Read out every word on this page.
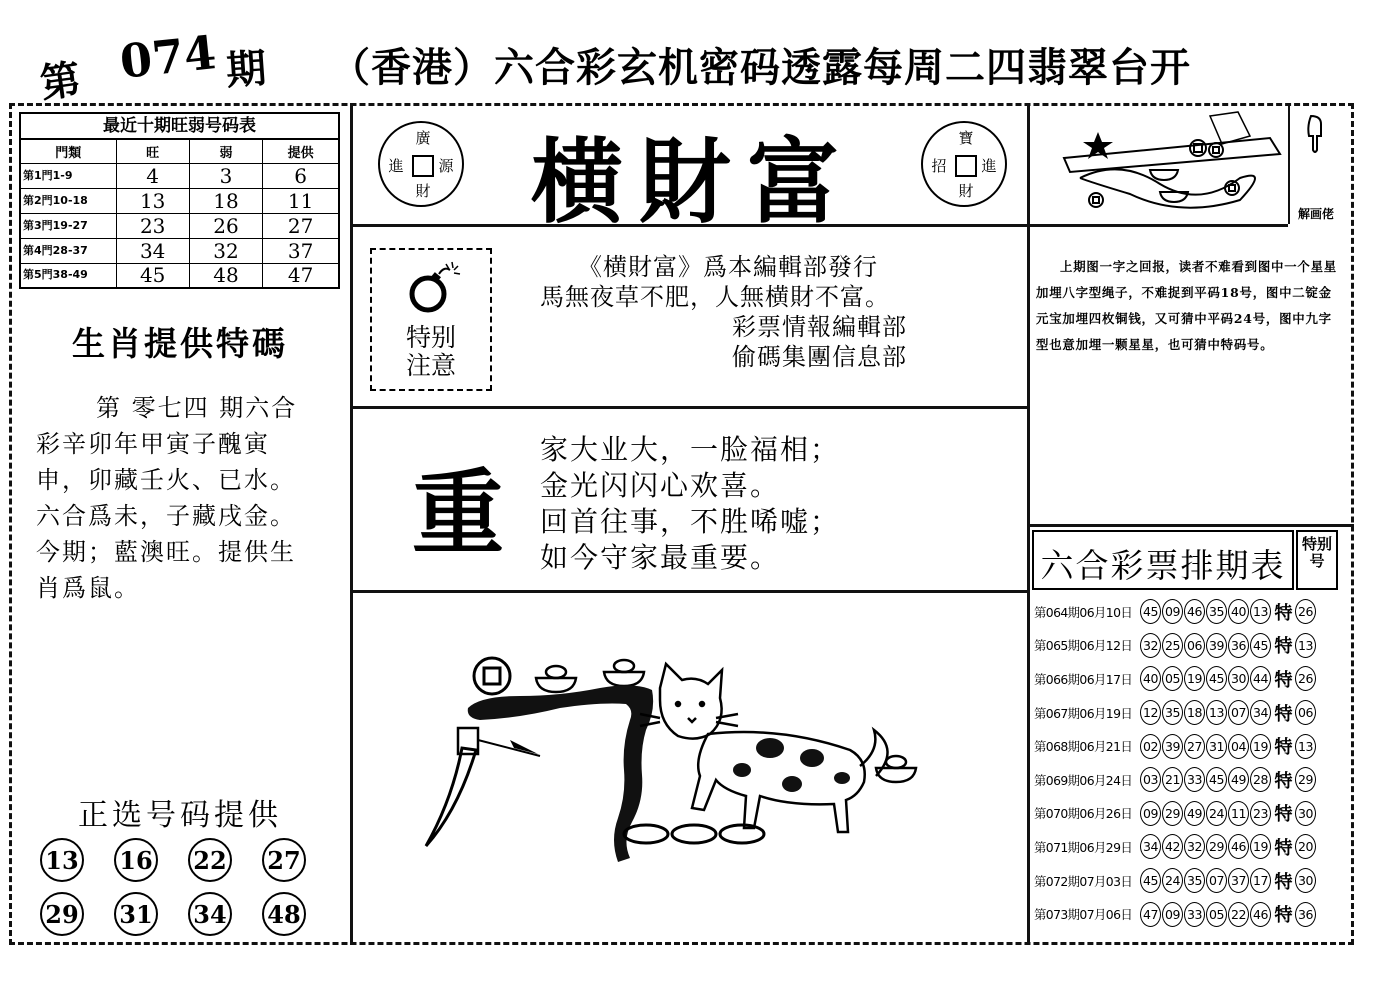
第 074 期 （香港）六合彩玄机密码透露每周二四翡翠台开
最近十期旺弱号码表
門類	旺	弱	提供
第1門1-9	4	3	6
第2門10-18	13	18	11
第3門19-27	23	26	27
第4門28-37	34	32	37
第5門38-49	45	48	47
生肖提供特碼
第 零七四 期六合彩辛卯年甲寅子醜寅申，卯藏壬火、已水。六合爲未，子藏戌金。今期；藍澳旺。提供生肖爲鼠。
正选号码提供
13 16 22 27
29 31 34 48
廣
財
進 源 横財富	寶
財
招 進
特别
注意
《横財富》爲本編輯部發行
馬無夜草不肥，人無横財不富。
彩票情報編輯部
偷碼集團信息部
重
家大业大，一脸福相；
金光闪闪心欢喜。
回首往事，不胜唏嘘；
如今守家最重要。
解画佬
上期图一字之回报，读者不难看到图中一个星星加埋八字型绳子，不难捉到平码18号，图中二锭金元宝加埋四枚铜钱，又可猜中平码24号，图中九字型也意加埋一颗星星，也可猜中特码号。
六合彩票排期表
特别号
第064期06月10日 45 09 46 35 40 13 特 26
第065期06月12日 32 25 06 39 36 45 特 13
第066期06月17日 40 05 19 45 30 44 特 26
第067期06月19日 12 35 18 13 07 34 特 06
第068期06月21日 02 39 27 31 04 19 特 13
第069期06月24日 03 21 33 45 49 28 特 29
第070期06月26日 09 29 49 24 11 23 特 30
第071期06月29日 34 42 32 29 46 19 特 20
第072期07月03日 45 24 35 07 37 17 特 30
第073期07月06日 47 09 33 05 22 46 特 36
